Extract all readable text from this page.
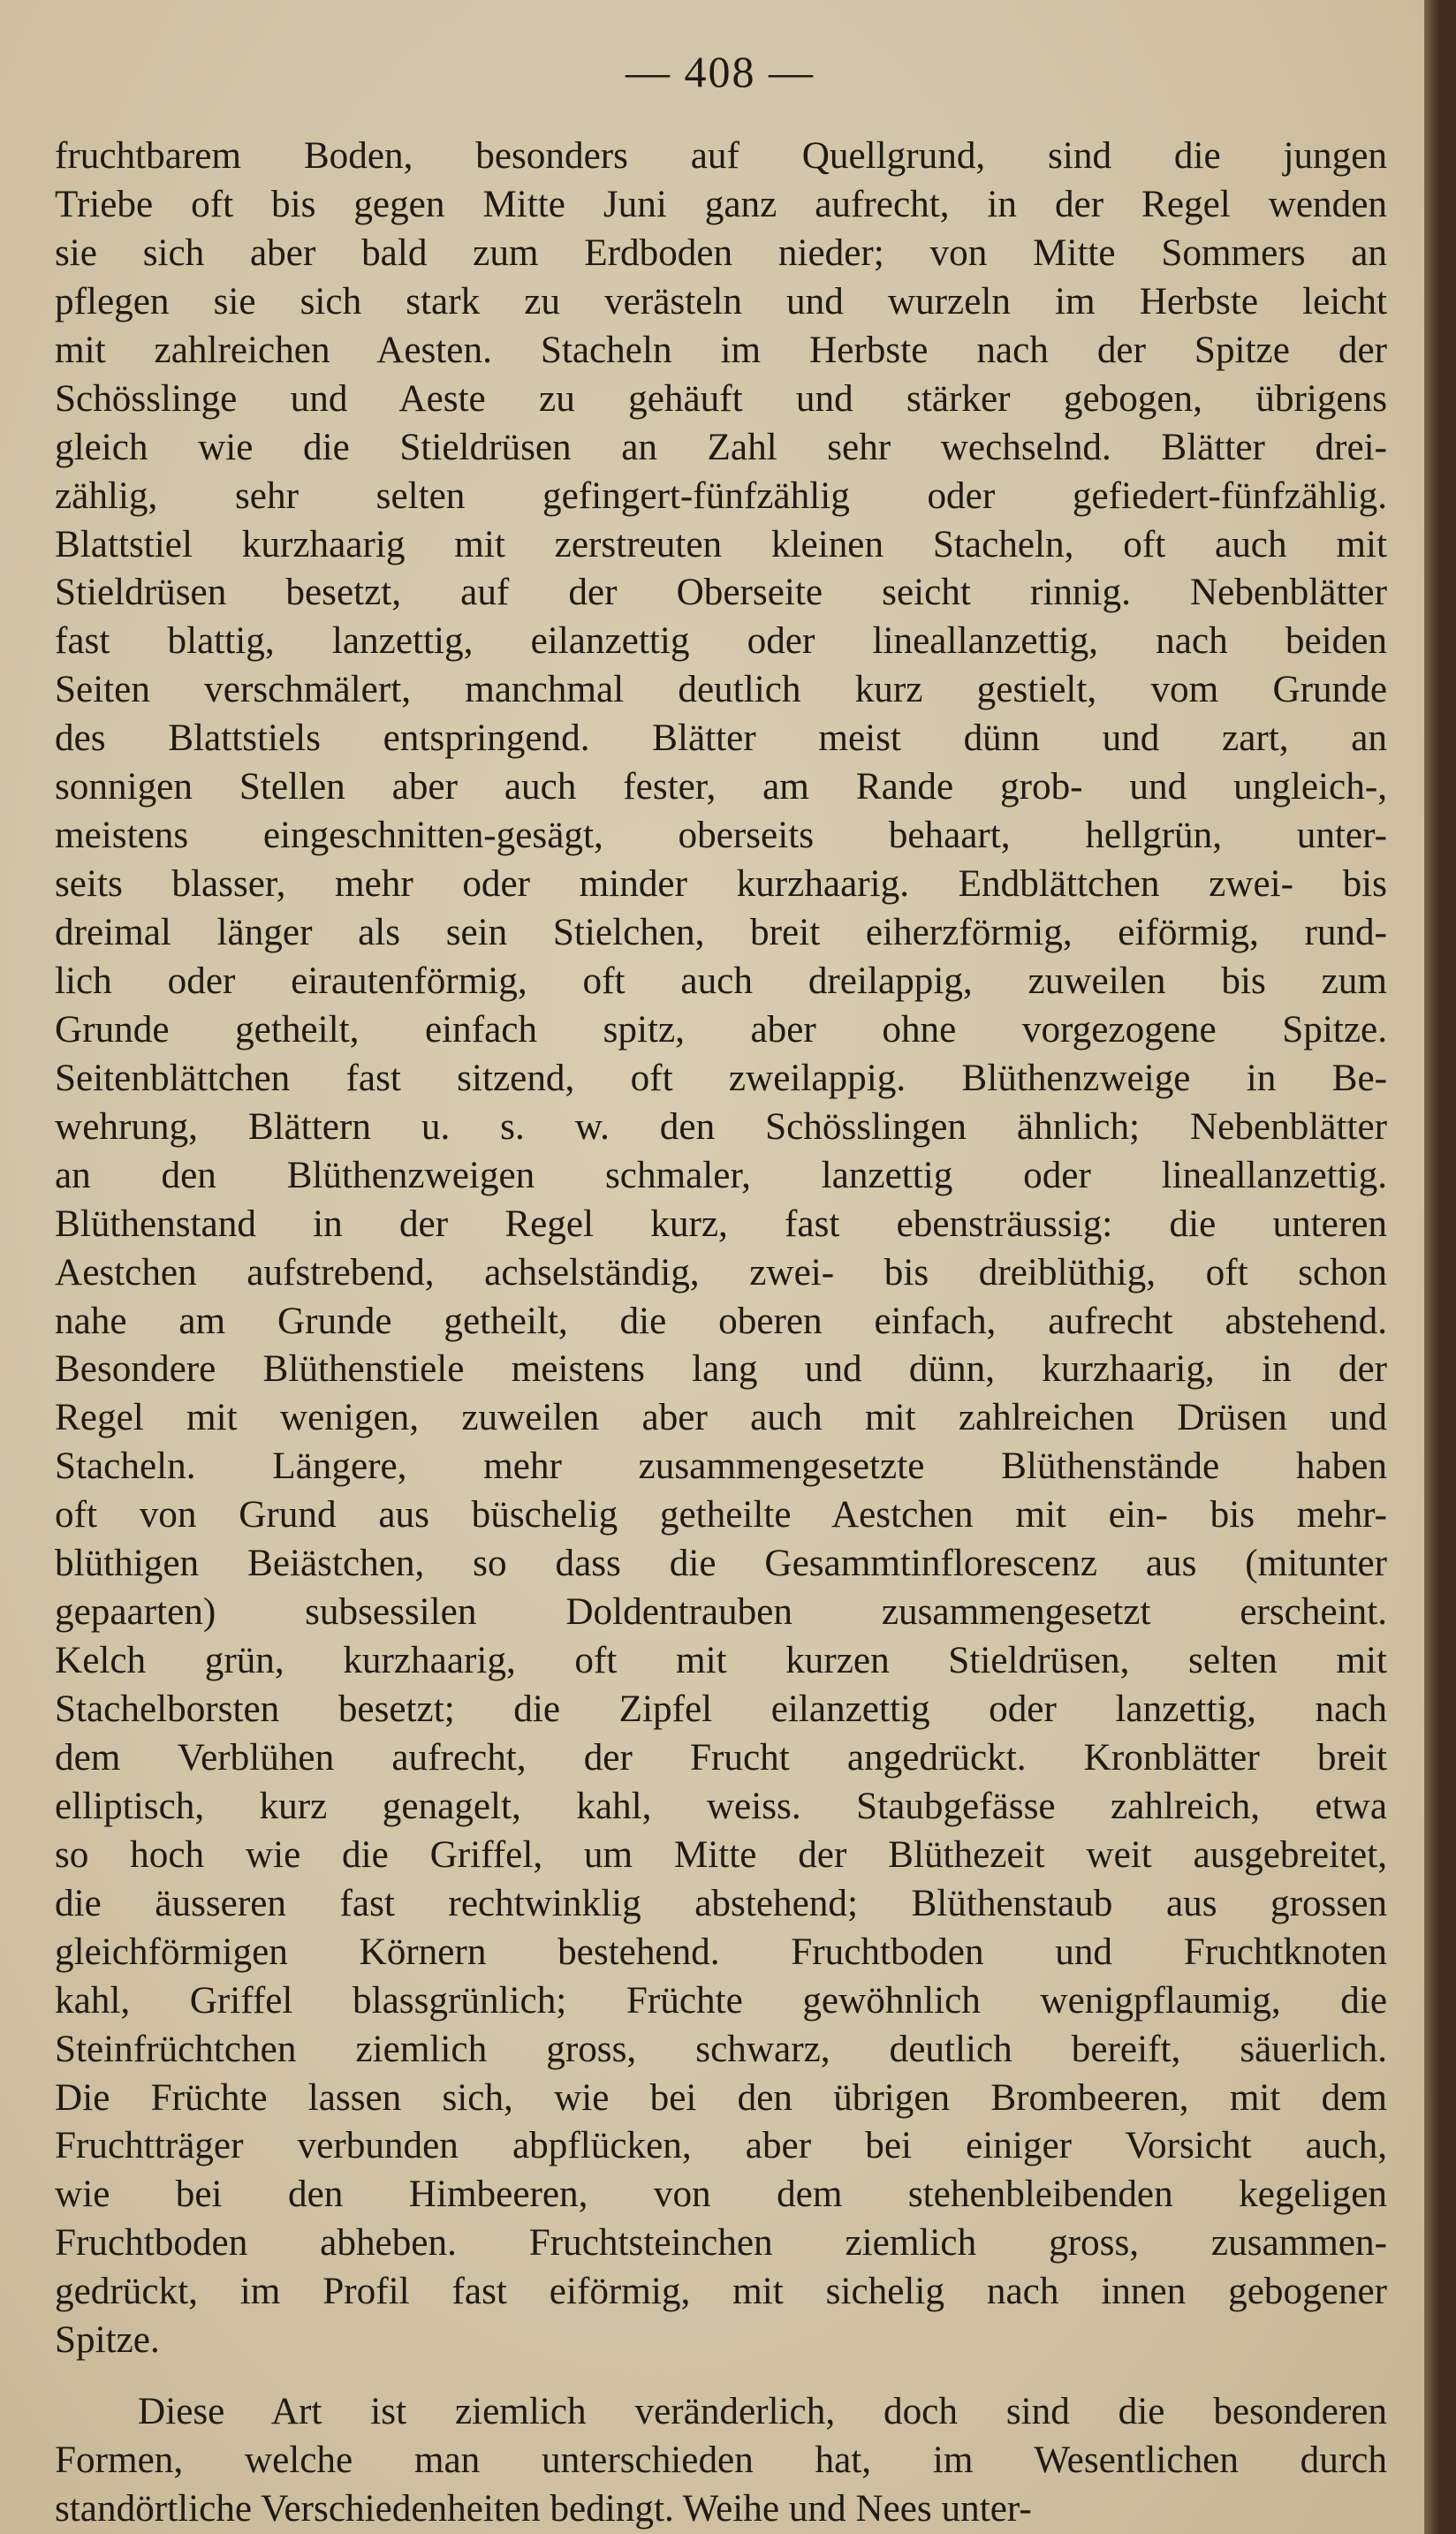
— 408 —
fruchtbarem Boden, besonders auf Quellgrund, sind die jungen
Triebe oft bis gegen Mitte Juni ganz aufrecht, in der Regel wenden
sie sich aber bald zum Erdboden nieder; von Mitte Sommers an
pflegen sie sich stark zu verästeln und wurzeln im Herbste leicht
mit zahlreichen Aesten. Stacheln im Herbste nach der Spitze der
Schösslinge und Aeste zu gehäuft und stärker gebogen, übrigens
gleich wie die Stieldrüsen an Zahl sehr wechselnd. Blätter drei-
zählig, sehr selten gefingert-fünfzählig oder gefiedert-fünfzählig.
Blattstiel kurzhaarig mit zerstreuten kleinen Stacheln, oft auch mit
Stieldrüsen besetzt, auf der Oberseite seicht rinnig. Nebenblätter
fast blattig, lanzettig, eilanzettig oder lineallanzettig, nach beiden
Seiten verschmälert, manchmal deutlich kurz gestielt, vom Grunde
des Blattstiels entspringend. Blätter meist dünn und zart, an
sonnigen Stellen aber auch fester, am Rande grob- und ungleich-,
meistens eingeschnitten-gesägt, oberseits behaart, hellgrün, unter-
seits blasser, mehr oder minder kurzhaarig. Endblättchen zwei- bis
dreimal länger als sein Stielchen, breit eiherzförmig, eiförmig, rund-
lich oder eirautenförmig, oft auch dreilappig, zuweilen bis zum
Grunde getheilt, einfach spitz, aber ohne vorgezogene Spitze.
Seitenblättchen fast sitzend, oft zweilappig. Blüthenzweige in Be-
wehrung, Blättern u. s. w. den Schösslingen ähnlich; Nebenblätter
an den Blüthenzweigen schmaler, lanzettig oder lineallanzettig.
Blüthenstand in der Regel kurz, fast ebensträussig: die unteren
Aestchen aufstrebend, achselständig, zwei- bis dreiblüthig, oft schon
nahe am Grunde getheilt, die oberen einfach, aufrecht abstehend.
Besondere Blüthenstiele meistens lang und dünn, kurzhaarig, in der
Regel mit wenigen, zuweilen aber auch mit zahlreichen Drüsen und
Stacheln. Längere, mehr zusammengesetzte Blüthenstände haben
oft von Grund aus büschelig getheilte Aestchen mit ein- bis mehr-
blüthigen Beiästchen, so dass die Gesammtinflorescenz aus (mitunter
gepaarten) subsessilen Doldentrauben zusammengesetzt erscheint.
Kelch grün, kurzhaarig, oft mit kurzen Stieldrüsen, selten mit
Stachelborsten besetzt; die Zipfel eilanzettig oder lanzettig, nach
dem Verblühen aufrecht, der Frucht angedrückt. Kronblätter breit
elliptisch, kurz genagelt, kahl, weiss. Staubgefässe zahlreich, etwa
so hoch wie die Griffel, um Mitte der Blüthezeit weit ausgebreitet,
die äusseren fast rechtwinklig abstehend; Blüthenstaub aus grossen
gleichförmigen Körnern bestehend. Fruchtboden und Fruchtknoten
kahl, Griffel blassgrünlich; Früchte gewöhnlich wenigpflaumig, die
Steinfrüchtchen ziemlich gross, schwarz, deutlich bereift, säuerlich.
Die Früchte lassen sich, wie bei den übrigen Brombeeren, mit dem
Fruchtträger verbunden abpflücken, aber bei einiger Vorsicht auch,
wie bei den Himbeeren, von dem stehenbleibenden kegeligen
Fruchtboden abheben. Fruchtsteinchen ziemlich gross, zusammen-
gedrückt, im Profil fast eiförmig, mit sichelig nach innen gebogener
Spitze.
Diese Art ist ziemlich veränderlich, doch sind die besonderen
Formen, welche man unterschieden hat, im Wesentlichen durch
standörtliche Verschiedenheiten bedingt. Weihe und Nees unter-
